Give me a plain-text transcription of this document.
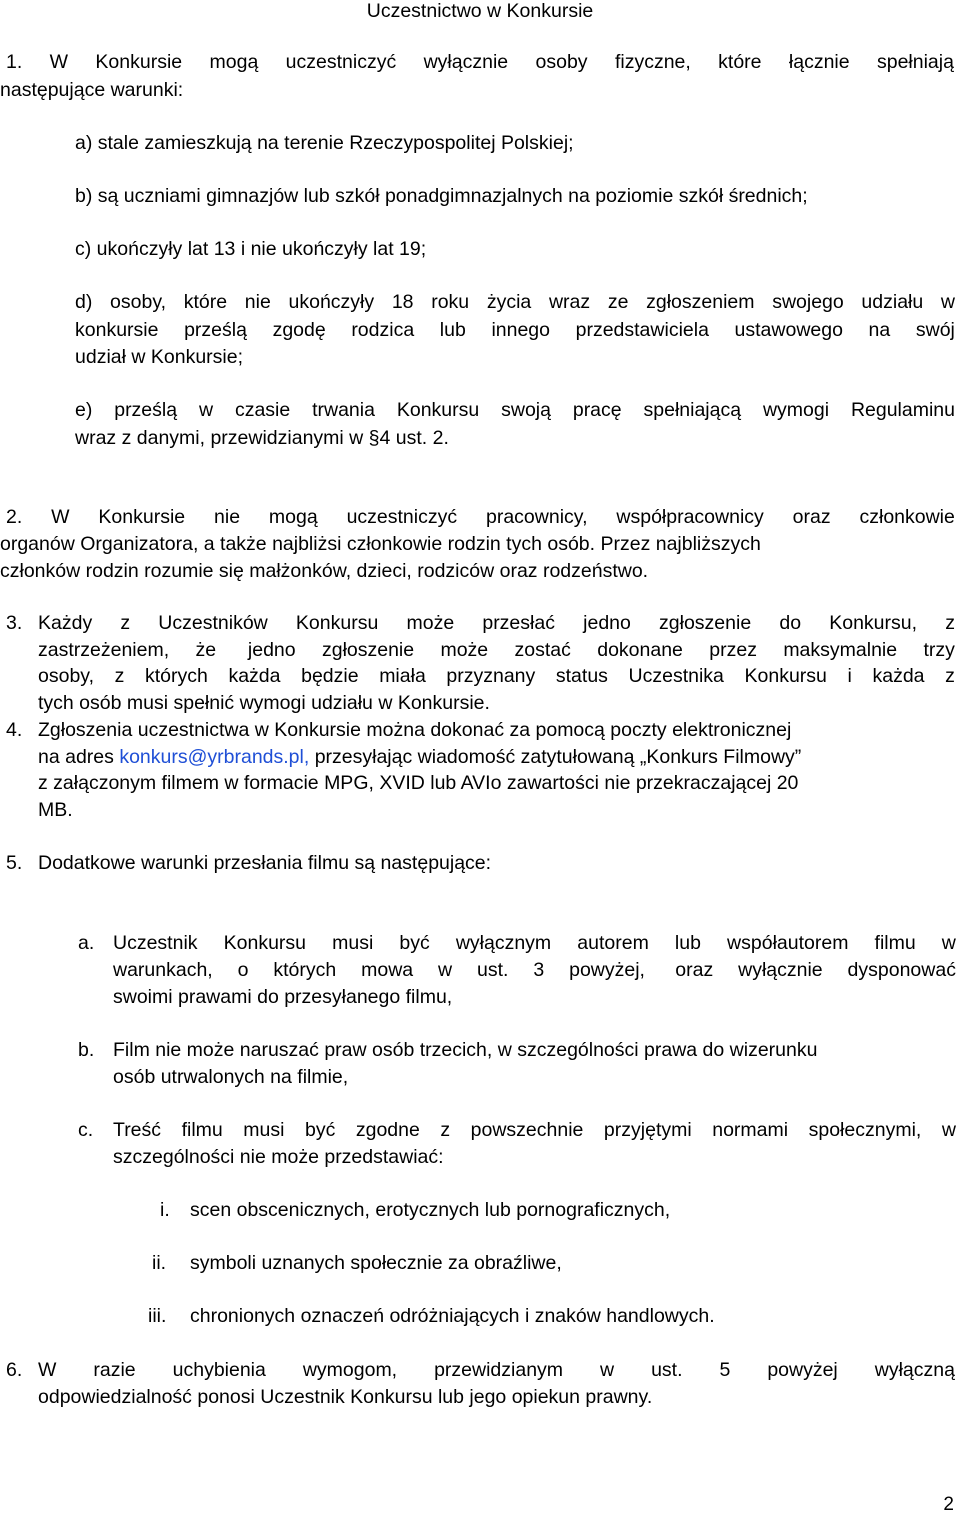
Uczestnictwo w Konkursie
1. W Konkursie mogą uczestniczyć wyłącznie osoby fizyczne, które łącznie spełniają
następujące warunki:
a) stale zamieszkują na terenie Rzeczypospolitej Polskiej;
b) są uczniami gimnazjów lub szkół ponadgimnazjalnych na poziomie szkół średnich;
c) ukończyły lat 13 i nie ukończyły lat 19;
d) osoby, które nie ukończyły 18 roku życia wraz ze zgłoszeniem swojego udziału w
konkursie prześlą zgodę rodzica lub innego przedstawiciela ustawowego na swój
udział w Konkursie;
e) prześlą w czasie trwania Konkursu swoją pracę spełniającą wymogi Regulaminu
wraz z danymi, przewidzianymi w §4 ust. 2.
2. W Konkursie nie mogą uczestniczyć pracownicy, współpracownicy oraz członkowie
organów Organizatora, a także najbliżsi członkowie rodzin tych osób. Przez najbliższych
członków rodzin rozumie się małżonków, dzieci, rodziców oraz rodzeństwo.
3. Każdy z Uczestników Konkursu może przesłać jedno zgłoszenie do Konkursu, z
zastrzeżeniem, że jedno zgłoszenie może zostać dokonane przez maksymalnie trzy
osoby, z których każda będzie miała przyznany status Uczestnika Konkursu i każda z
tych osób musi spełnić wymogi udziału w Konkursie.
4. Zgłoszenia uczestnictwa w Konkursie można dokonać za pomocą poczty elektronicznej
na adres konkurs@yrbrands.pl, przesyłając wiadomość zatytułowaną „Konkurs Filmowy”
z załączonym filmem w formacie MPG, XVID lub AVIo zawartości nie przekraczającej 20
MB.
5. Dodatkowe warunki przesłania filmu są następujące:
a. Uczestnik Konkursu musi być wyłącznym autorem lub współautorem filmu w
warunkach, o których mowa w ust. 3 powyżej, oraz wyłącznie dysponować
swoimi prawami do przesyłanego filmu,
b. Film nie może naruszać praw osób trzecich, w szczególności prawa do wizerunku
osób utrwalonych na filmie,
c. Treść filmu musi być zgodne z powszechnie przyjętymi normami społecznymi, w
szczególności nie może przedstawiać:
i. scen obscenicznych, erotycznych lub pornograficznych,
ii. symboli uznanych społecznie za obraźliwe,
iii. chronionych oznaczeń odróżniających i znaków handlowych.
6. W razie uchybienia wymogom, przewidzianym w ust. 5 powyżej wyłączną
odpowiedzialność ponosi Uczestnik Konkursu lub jego opiekun prawny.
2
